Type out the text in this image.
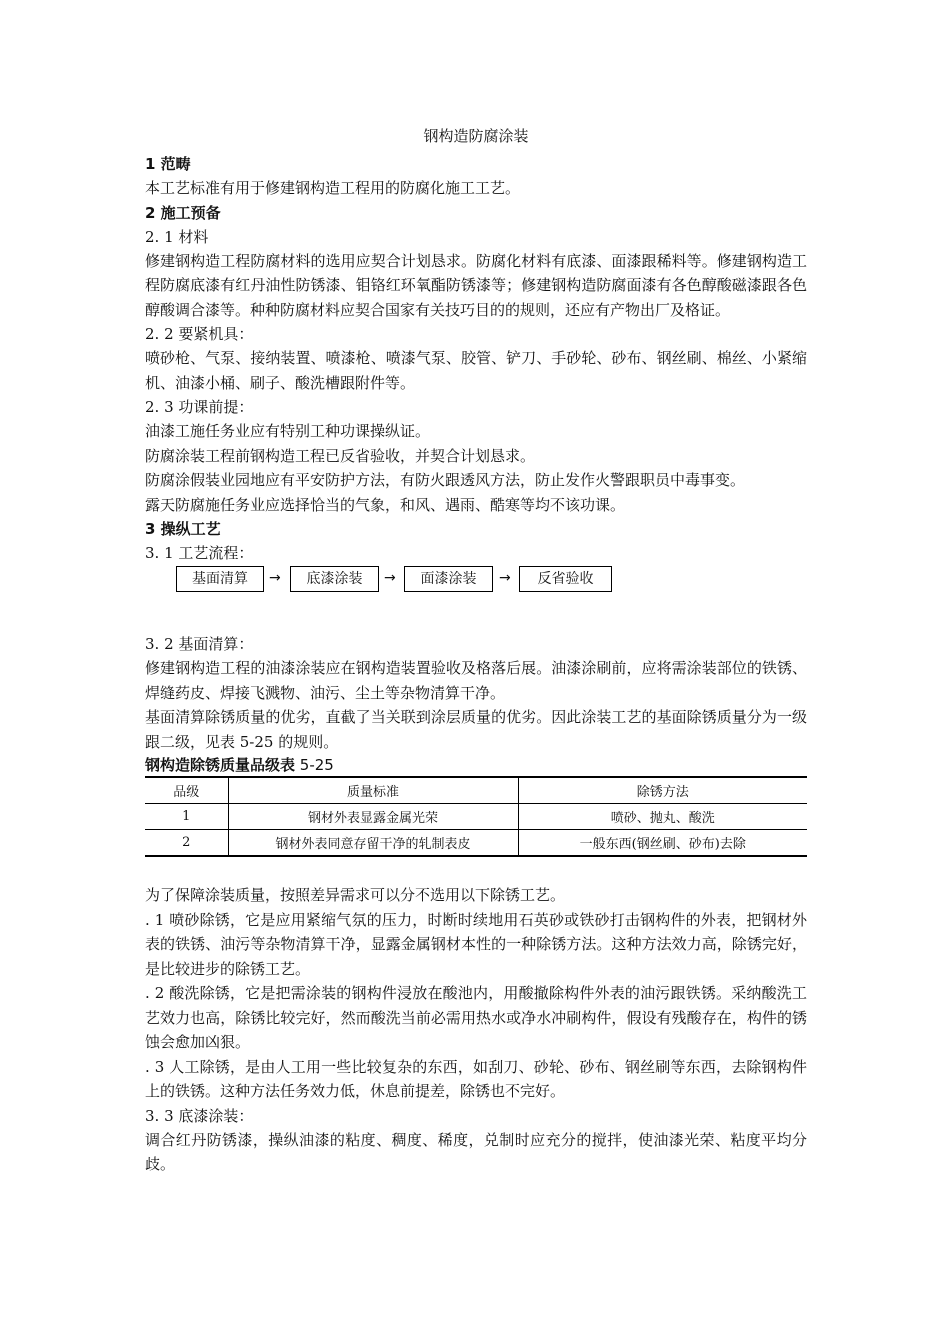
钢构造防腐涂装
1 范畴
本工艺标准有用于修建钢构造工程用的防腐化施工工艺。
2 施工预备
2. 1 材料
修建钢构造工程防腐材料的选用应契合计划恳求。防腐化材料有底漆、面漆跟稀料等。修建钢构造工程防腐底漆有红丹油性防锈漆、钼铬红环氧酯防锈漆等；修建钢构造防腐面漆有各色醇酸磁漆跟各色醇酸调合漆等。种种防腐材料应契合国家有关技巧目的的规则，还应有产物出厂及格证。
2. 2 要紧机具：
喷砂枪、气泵、接纳装置、喷漆枪、喷漆气泵、胶管、铲刀、手砂轮、砂布、钢丝刷、棉丝、小紧缩机、油漆小桶、刷子、酸洗槽跟附件等。
2. 3 功课前提：
油漆工施任务业应有特别工种功课操纵证。
防腐涂装工程前钢构造工程已反省验收，并契合计划恳求。
防腐涂假装业园地应有平安防护方法，有防火跟透风方法，防止发作火警跟职员中毒事变。
露天防腐施任务业应选择恰当的气象，和风、遇雨、酷寒等均不该功课。
3 操纵工艺
3. 1 工艺流程：
基面清算	→	底漆涂装	→	面漆涂装	→	反省验收
3. 2 基面清算：
修建钢构造工程的油漆涂装应在钢构造装置验收及格落后展。油漆涂刷前，应将需涂装部位的铁锈、焊缝药皮、焊接飞溅物、油污、尘土等杂物清算干净。
基面清算除锈质量的优劣，直截了当关联到涂层质量的优劣。因此涂装工艺的基面除锈质量分为一级跟二级，见表 5-25 的规则。
钢构造除锈质量品级表 5-25
品级	质量标准	除锈方法
1	钢材外表显露金属光荣	喷砂、抛丸、酸洗
2	钢材外表同意存留干净的轧制表皮	一般东西(钢丝刷、砂布)去除
为了保障涂装质量，按照差异需求可以分不选用以下除锈工艺。
. 1 喷砂除锈，它是应用紧缩气氛的压力，时断时续地用石英砂或铁砂打击钢构件的外表，把钢材外表的铁锈、油污等杂物清算干净，显露金属钢材本性的一种除锈方法。这种方法效力高，除锈完好，是比较进步的除锈工艺。
. 2 酸洗除锈，它是把需涂装的钢构件浸放在酸池内，用酸撤除构件外表的油污跟铁锈。采纳酸洗工艺效力也高，除锈比较完好，然而酸洗当前必需用热水或净水冲刷构件，假设有残酸存在，构件的锈蚀会愈加凶狠。
. 3 人工除锈，是由人工用一些比较复杂的东西，如刮刀、砂轮、砂布、钢丝刷等东西，去除钢构件上的铁锈。这种方法任务效力低，休息前提差，除锈也不完好。
3. 3 底漆涂装：
调合红丹防锈漆，操纵油漆的粘度、稠度、稀度，兑制时应充分的搅拌，使油漆光荣、粘度平均分歧。
